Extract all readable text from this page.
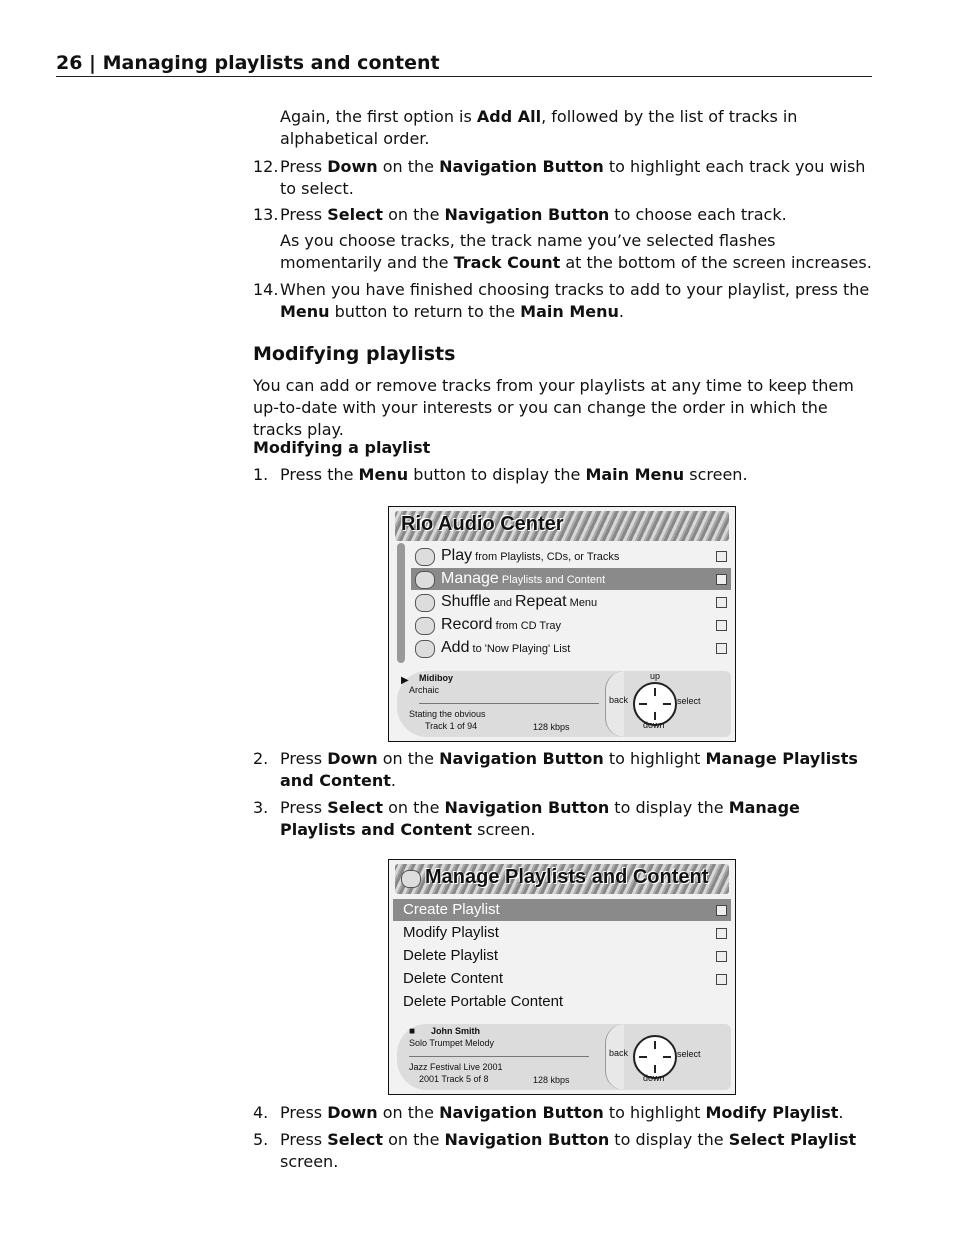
26 | Managing playlists and content
Again, the first option is Add All, followed by the list of tracks in alphabetical order.
12. Press Down on the Navigation Button to highlight each track you wish to select.
13. Press Select on the Navigation Button to choose each track.
As you choose tracks, the track name you’ve selected flashes momentarily and the Track Count at the bottom of the screen increases.
14. When you have finished choosing tracks to add to your playlist, press the Menu button to return to the Main Menu.
Modifying playlists
You can add or remove tracks from your playlists at any time to keep them up-to-date with your interests or you can change the order in which the tracks play.
Modifying a playlist
1. Press the Menu button to display the Main Menu screen.
Rio Audio Center
Play from Playlists, CDs, or Tracks
Manage Playlists and Content
Shuffle and Repeat Menu
Record from CD Tray
Add to 'Now Playing' List
▶ Midiboy
Archaic
Stating the obvious
Track 1 of 94	128 kbps
up
back	select
down
2. Press Down on the Navigation Button to highlight Manage Playlists and Content.
3. Press Select on the Navigation Button to display the Manage Playlists and Content screen.
Manage Playlists and Content
Create Playlist
Modify Playlist
Delete Playlist
Delete Content
Delete Portable Content
■ John Smith
Solo Trumpet Melody
Jazz Festival Live 2001
2001 Track 5 of 8	128 kbps
back	select
down
4. Press Down on the Navigation Button to highlight Modify Playlist.
5. Press Select on the Navigation Button to display the Select Playlist screen.
